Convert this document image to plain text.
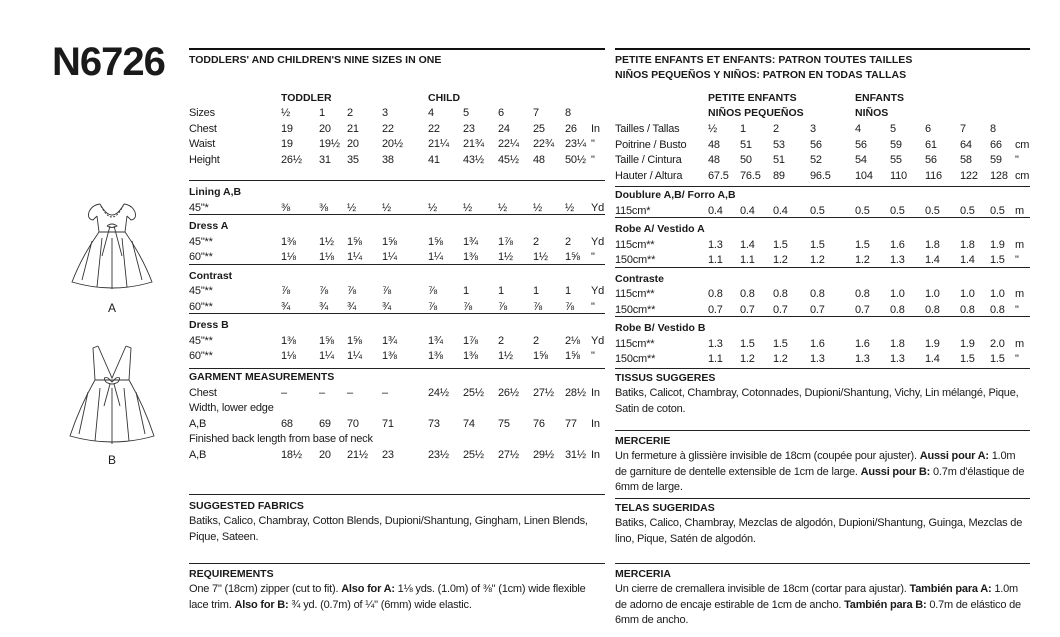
N6726
A
B
TODDLERS' AND CHILDREN'S NINE SIZES IN ONE
TODDLER	CHILD
Sizes	½	1 2	3	4	5	6	7 8
Chest	19 20 21 22	22 23 24 25 26 In
Waist	19 19½ 20 20½ 21¼ 21¾ 22¼ 22¾ 23¼ "
Height	26½ 31 35 38	41 43½ 45½ 48 50½ "
Lining A,B
45"*	⅜	⅜ ½ ½	½ ½ ½ ½ ½ Yd
Dress A
45"**	1⅜ 1½ 1⅝ 1⅝	1⅝ 1¾ 1⅞ 2 2 Yd
60"**	1⅛ 1⅛ 1¼ 1¼	1¼ 1⅜ 1½ 1½ 1⅝ "
Contrast
45"**	⅞	⅞ ⅞ ⅞	⅞ 1	1	1 1 Yd
60"**	¾	¾ ¾ ¾	⅞ ⅞ ⅞ ⅞ ⅞ "
Dress B
45"**	1⅜ 1⅝ 1⅝ 1¾	1¾ 1⅞ 2	2 2⅛ Yd
60"**	1⅛ 1¼ 1¼ 1⅜	1⅜ 1⅜ 1½ 1⅝ 1⅝ "
GARMENT MEASUREMENTS
Chest	–	– –	–	24½ 25½ 26½ 27½ 28½ In
Width, lower edge
A,B	68 69 70 71	73 74 75 76 77 In
Finished back length from base of neck
A,B	18½ 20 21½ 23	23½ 25½ 27½ 29½ 31½ In
SUGGESTED FABRICS
Batiks, Calico, Chambray, Cotton Blends, Dupioni/Shantung, Gingham, Linen Blends, Pique, Sateen.
REQUIREMENTS
One 7" (18cm) zipper (cut to fit). Also for A: 1⅛ yds. (1.0m) of ⅜" (1cm) wide flexible lace trim. Also for B: ¾ yd. (0.7m) of ¼" (6mm) wide elastic.
PETITE ENFANTS ET ENFANTS: PATRON TOUTES TAILLES
NIÑOS PEQUEÑOS Y NIÑOS: PATRON EN TODAS TALLAS
PETITE ENFANTS	ENFANTS
NIÑOS PEQUEÑOS	NIÑOS
Tailles / Tallas	½ 1 2	3	4	5	6	7 8
Poitrine / Busto 48 51 53 56	56 59 61 64 66 cm
Taille / Cintura 48 50 51 52	54 55 56 58 59 "
Hauter / Altura 67.5 76.5 89 96.5 104 110 116 122 128 cm
Doublure A,B/ Forro A,B
115cm*	0.4 0.4 0.4 0.5	0.5 0.5 0.5 0.5 0.5 m
Robe A/ Vestido A
115cm**	1.3 1.4 1.5 1.5	1.5 1.6 1.8 1.8 1.9 m
150cm**	1.1 1.1 1.2 1.2	1.2 1.3 1.4 1.4 1.5 "
Contraste
115cm**	0.8 0.8 0.8 0.8	0.8 1.0 1.0 1.0 1.0 m
150cm**	0.7 0.7 0.7 0.7	0.7 0.8 0.8 0.8 0.8 "
Robe B/ Vestido B
115cm**	1.3 1.5 1.5 1.6	1.6 1.8 1.9 1.9 2.0 m
150cm**	1.1 1.2 1.2 1.3	1.3 1.3 1.4 1.5 1.5 "
TISSUS SUGGERES
Batiks, Calicot, Chambray, Cotonnades, Dupioni/Shantung, Vichy, Lin mélangé, Pique, Satin de coton.
MERCERIE
Un fermeture à glissière invisible de 18cm (coupée pour ajuster). Aussi pour A: 1.0m de garniture de dentelle extensible de 1cm de large. Aussi pour B: 0.7m d'élastique de 6mm de large.
TELAS SUGERIDAS
Batiks, Calico, Chambray, Mezclas de algodón, Dupioni/Shantung, Guinga, Mezclas de lino, Pique, Satén de algodón.
MERCERIA
Un cierre de cremallera invisible de 18cm (cortar para ajustar). También para A: 1.0m de adorno de encaje estirable de 1cm de ancho. También para B: 0.7m de elástico de 6mm de ancho.
